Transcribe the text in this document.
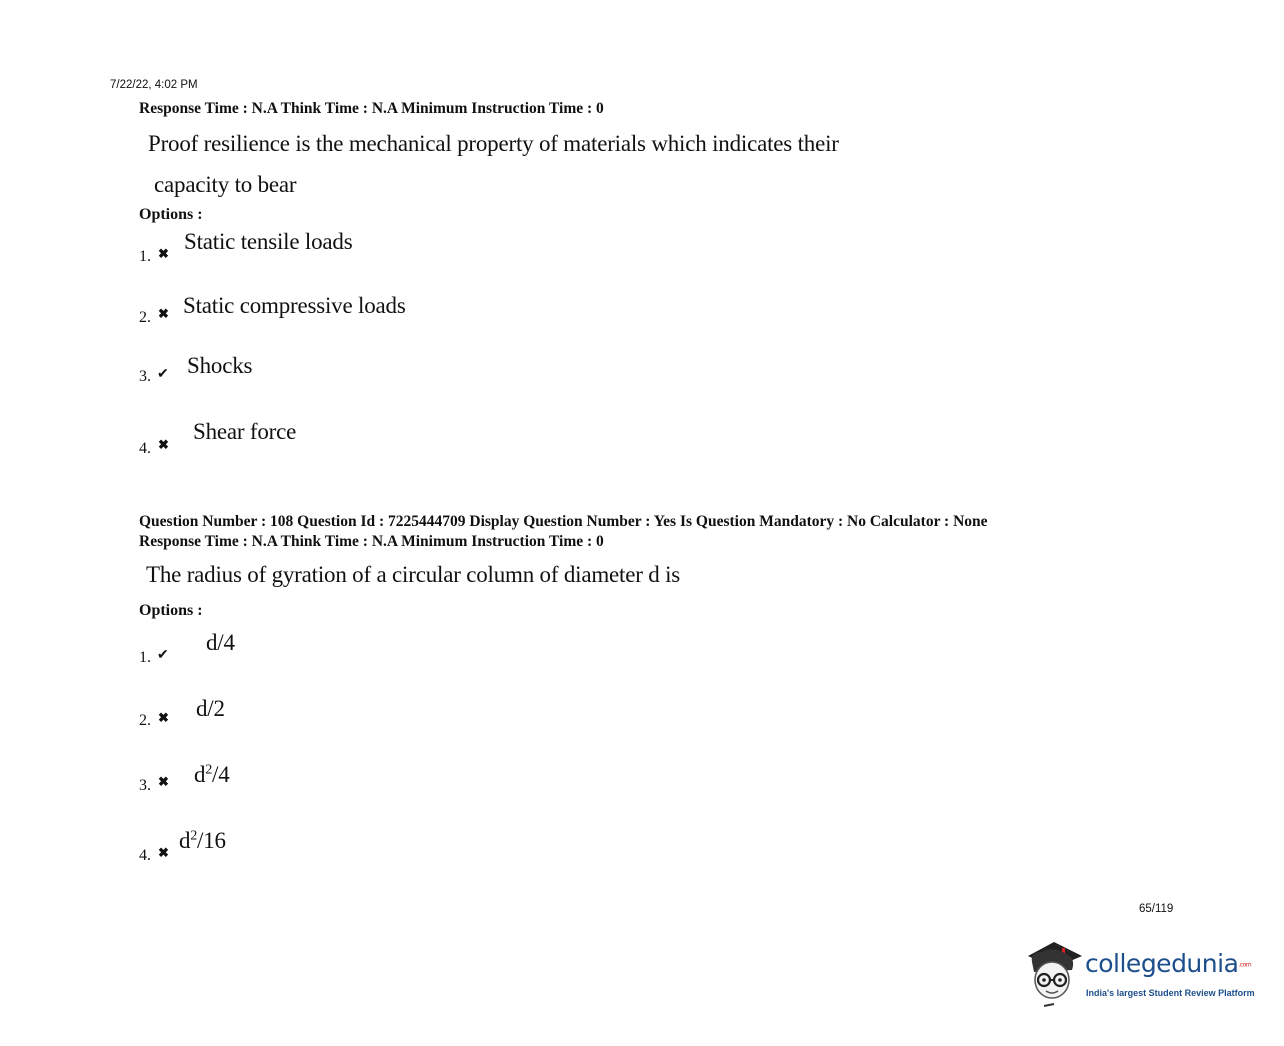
7/22/22, 4:02 PM
Response Time : N.A Think Time : N.A Minimum Instruction Time : 0
Proof resilience is the mechanical property of materials which indicates their
capacity to bear
Options :
1. ✖ Static tensile loads
2. ✖ Static compressive loads
3. ✔ Shocks
4. ✖
Shear force
Question Number : 108 Question Id : 7225444709 Display Question Number : Yes Is Question Mandatory : No Calculator : None
Response Time : N.A Think Time : N.A Minimum Instruction Time : 0
The radius of gyration of a circular column of diameter d is
Options :
1. ✔
d/4
2. ✖ d/2
3. ✖ $d^2/4$
4. ✖ $d^2/16$
65/119
collegedunia.com
India's largest Student Review Platform
